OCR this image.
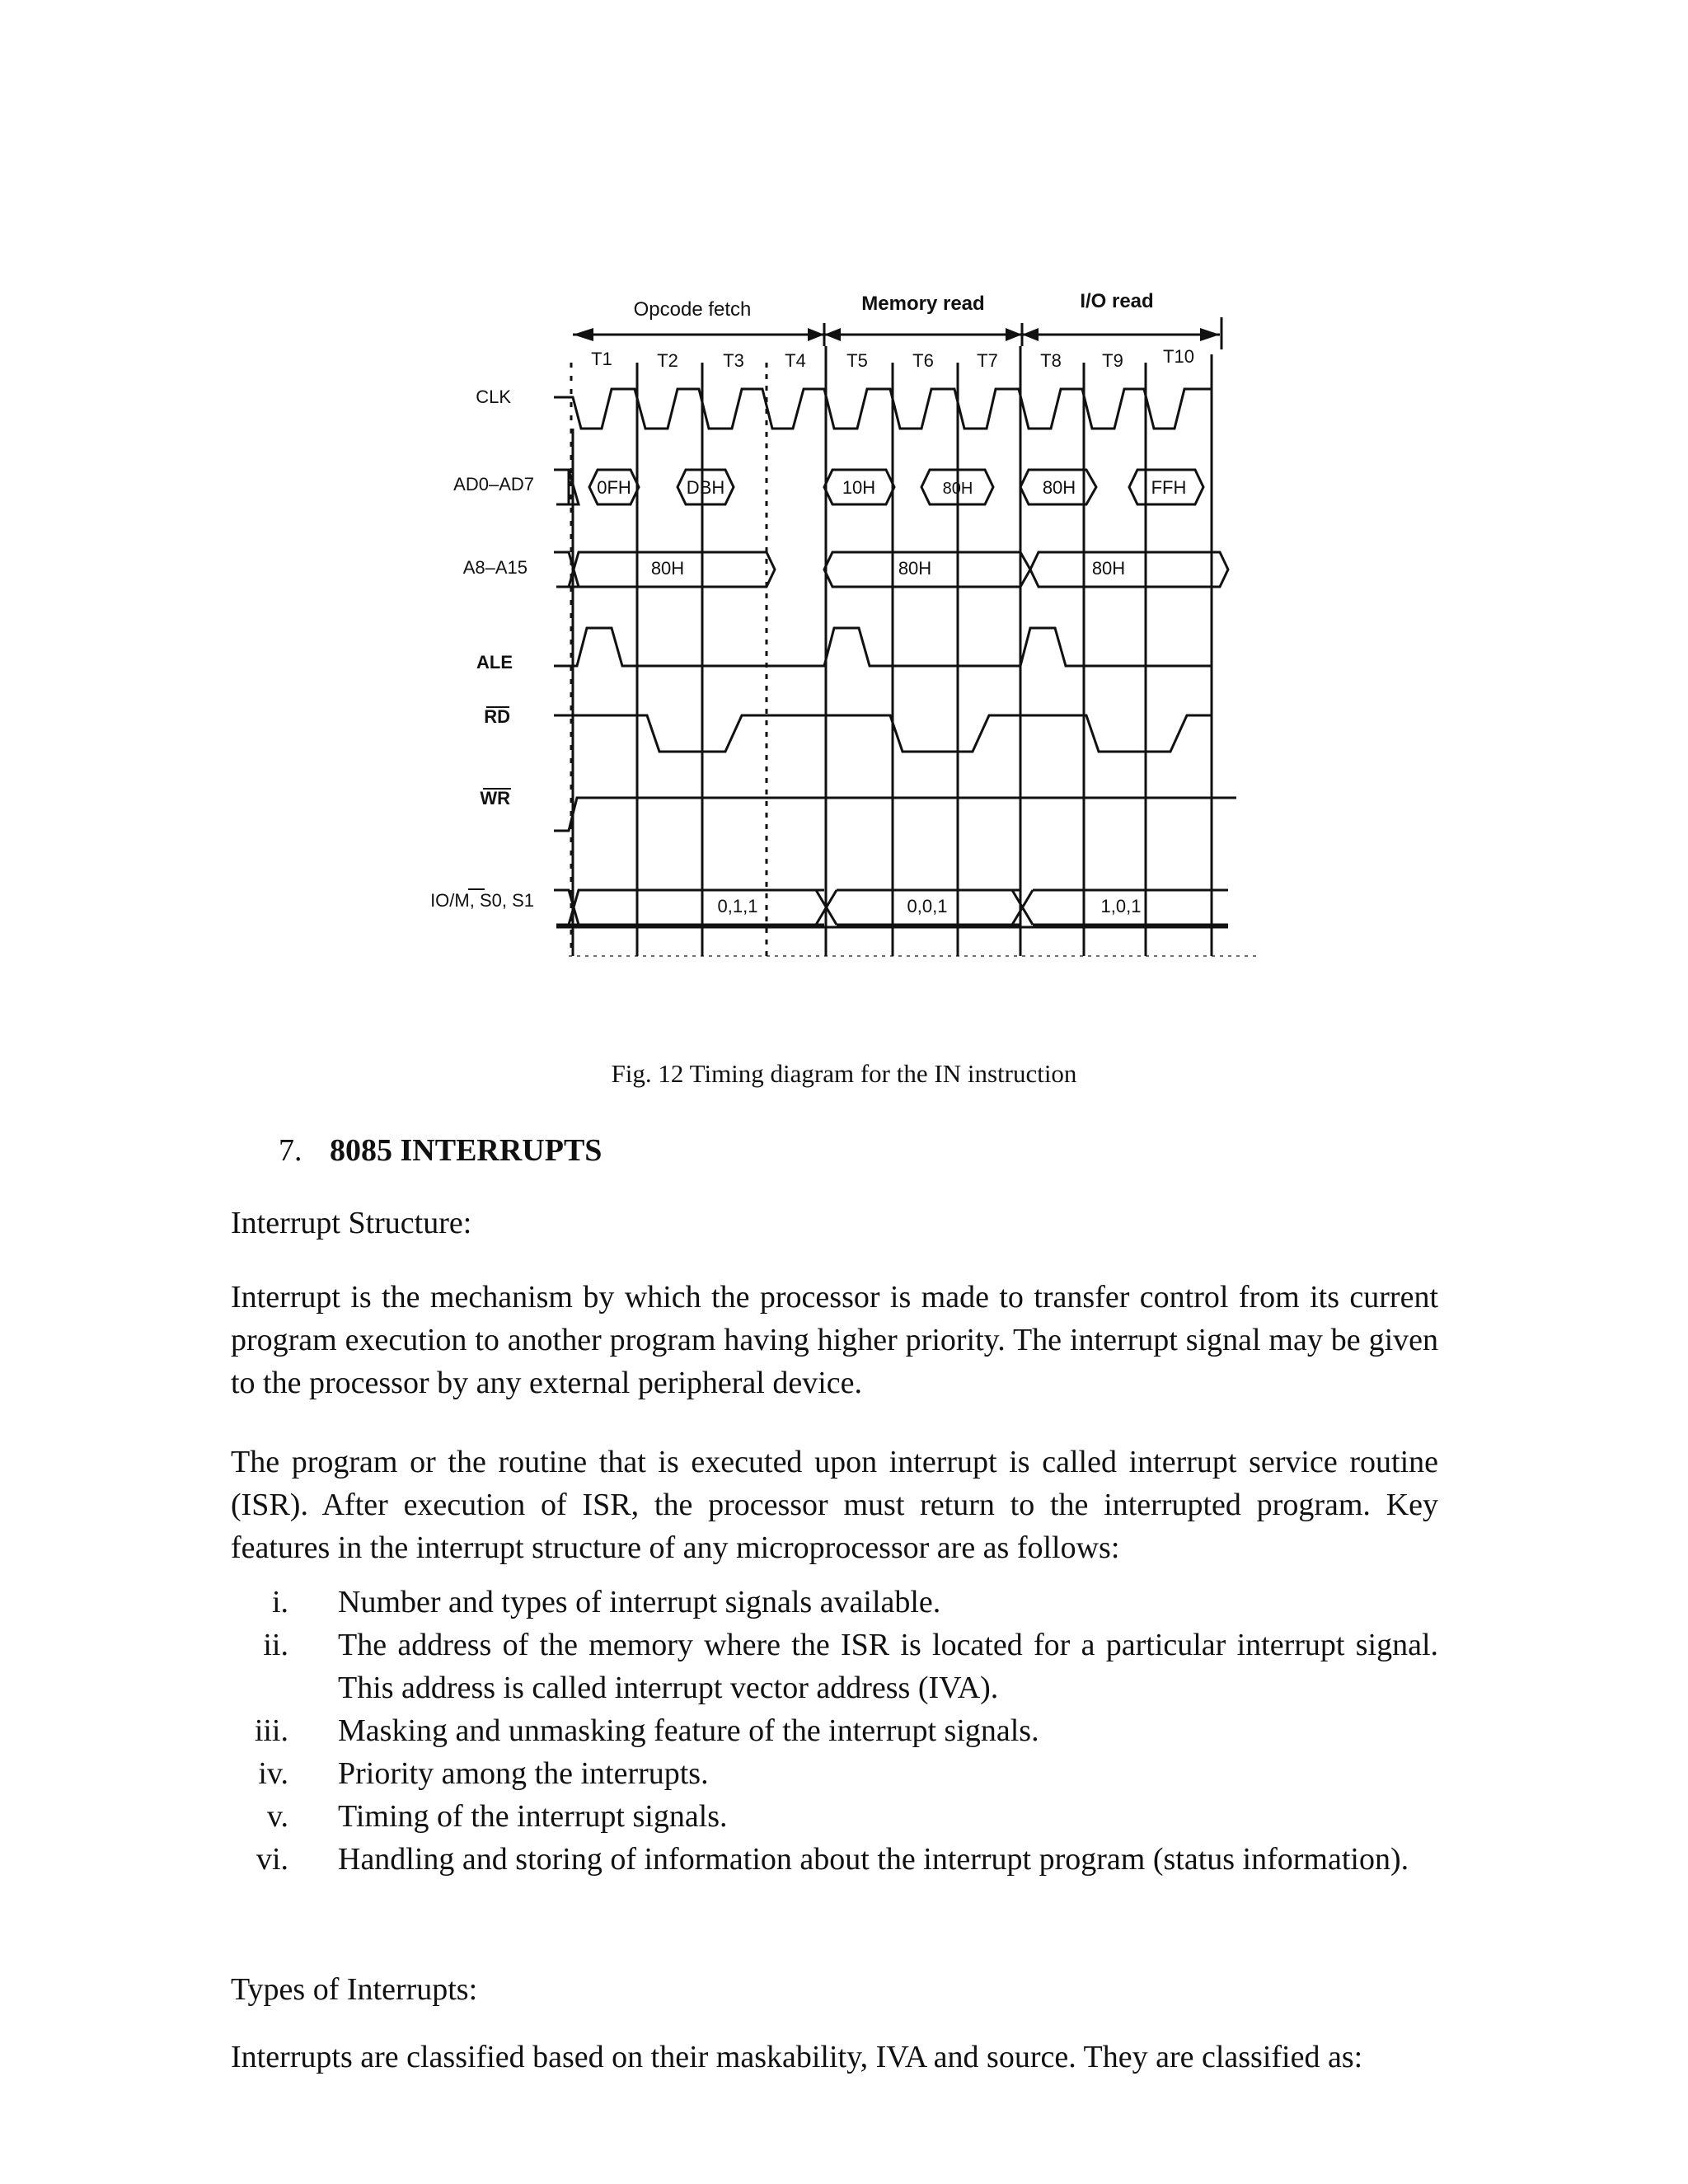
Opcode fetch	Memory read	I/O read
T1 T2 T3 T4 T5 T6 T7 T8 T9 T10
CLK
AD0–AD7
A8–A15
ALE
RD
WR
IO/M, S0, S1
0FH	DBH	10H	80H	80H	FFH
80H	80H	80H
0,1,1	0,0,1	1,0,1
Fig. 12 Timing diagram for the IN instruction
7. 8085 INTERRUPTS
Interrupt Structure:

Interrupt is the mechanism by which the processor is made to transfer control from its current program execution to another program having higher priority. The interrupt signal may be given to the processor by any external peripheral device.

The program or the routine that is executed upon interrupt is called interrupt service routine (ISR). After execution of ISR, the processor must return to the interrupted program. Key features in the interrupt structure of any microprocessor are as follows:

i. Number and types of interrupt signals available.
ii. The address of the memory where the ISR is located for a particular interrupt signal. This address is called interrupt vector address (IVA).
iii. Masking and unmasking feature of the interrupt signals.
iv. Priority among the interrupts.
v. Timing of the interrupt signals.
vi. Handling and storing of information about the interrupt program (status information).
Types of Interrupts:

Interrupts are classified based on their maskability, IVA and source. They are classified as:
